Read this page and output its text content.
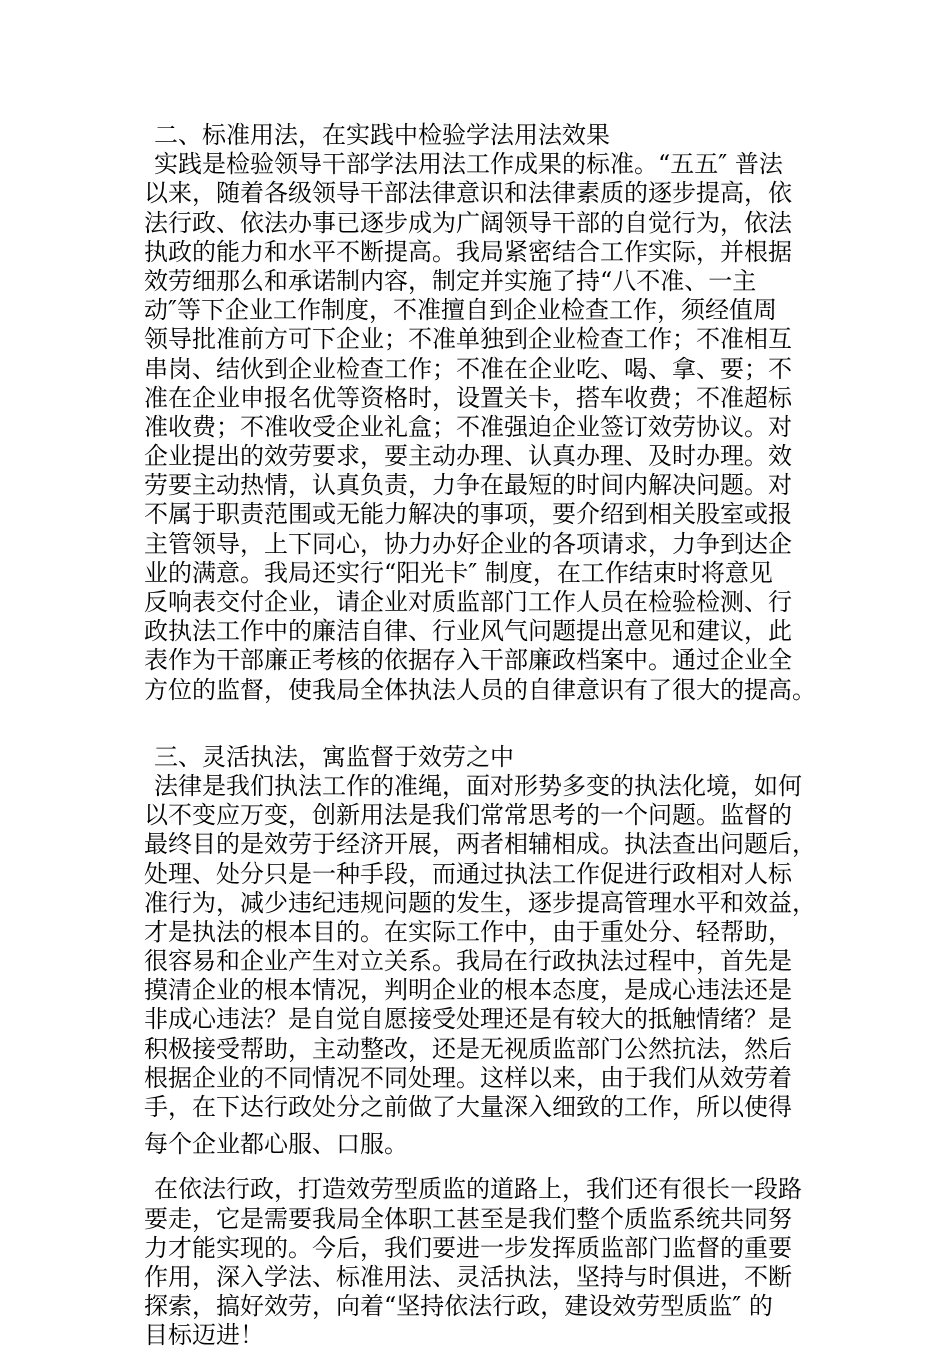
二、标准用法，在实践中检验学法用法效果
实践是检验领导干部学法用法工作成果的标准。“五五″ 普法
以来，随着各级领导干部法律意识和法律素质的逐步提高，依
法行政、依法办事已逐步成为广阔领导干部的自觉行为，依法
执政的能力和水平不断提高。我局紧密结合工作实际，并根据
效劳细那么和承诺制内容，制定并实施了持“八不准、一主
动″等下企业工作制度，不准擅自到企业检查工作，须经值周
领导批准前方可下企业；不准单独到企业检查工作；不准相互
串岗、结伙到企业检查工作；不准在企业吃、喝、拿、要；不
准在企业申报名优等资格时，设置关卡，搭车收费；不准超标
准收费；不准收受企业礼盒；不准强迫企业签订效劳协议。对
企业提出的效劳要求，要主动办理、认真办理、及时办理。效
劳要主动热情，认真负责，力争在最短的时间内解决问题。对
不属于职责范围或无能力解决的事项，要介绍到相关股室或报
主管领导，上下同心，协力办好企业的各项请求，力争到达企
业的满意。我局还实行“阳光卡″ 制度，在工作结束时将意见
反响表交付企业，请企业对质监部门工作人员在检验检测、行
政执法工作中的廉洁自律、行业风气问题提出意见和建议，此
表作为干部廉正考核的依据存入干部廉政档案中。通过企业全
方位的监督，使我局全体执法人员的自律意识有了很大的提高。
三、灵活执法，寓监督于效劳之中
法律是我们执法工作的准绳，面对形势多变的执法化境，如何
以不变应万变，创新用法是我们常常思考的一个问题。监督的
最终目的是效劳于经济开展，两者相辅相成。执法查出问题后，
处理、处分只是一种手段，而通过执法工作促进行政相对人标
准行为，减少违纪违规问题的发生，逐步提高管理水平和效益，
才是执法的根本目的。在实际工作中，由于重处分、轻帮助，
很容易和企业产生对立关系。我局在行政执法过程中，首先是
摸清企业的根本情况，判明企业的根本态度，是成心违法还是
非成心违法？是自觉自愿接受处理还是有较大的抵触情绪？是
积极接受帮助，主动整改，还是无视质监部门公然抗法，然后
根据企业的不同情况不同处理。这样以来，由于我们从效劳着
手，在下达行政处分之前做了大量深入细致的工作，所以使得
每个企业都心服、口服。
在依法行政，打造效劳型质监的道路上，我们还有很长一段路
要走，它是需要我局全体职工甚至是我们整个质监系统共同努
力才能实现的。今后，我们要进一步发挥质监部门监督的重要
作用，深入学法、标准用法、灵活执法，坚持与时俱进，不断
探索，搞好效劳，向着“坚持依法行政，建设效劳型质监″ 的
目标迈进！
